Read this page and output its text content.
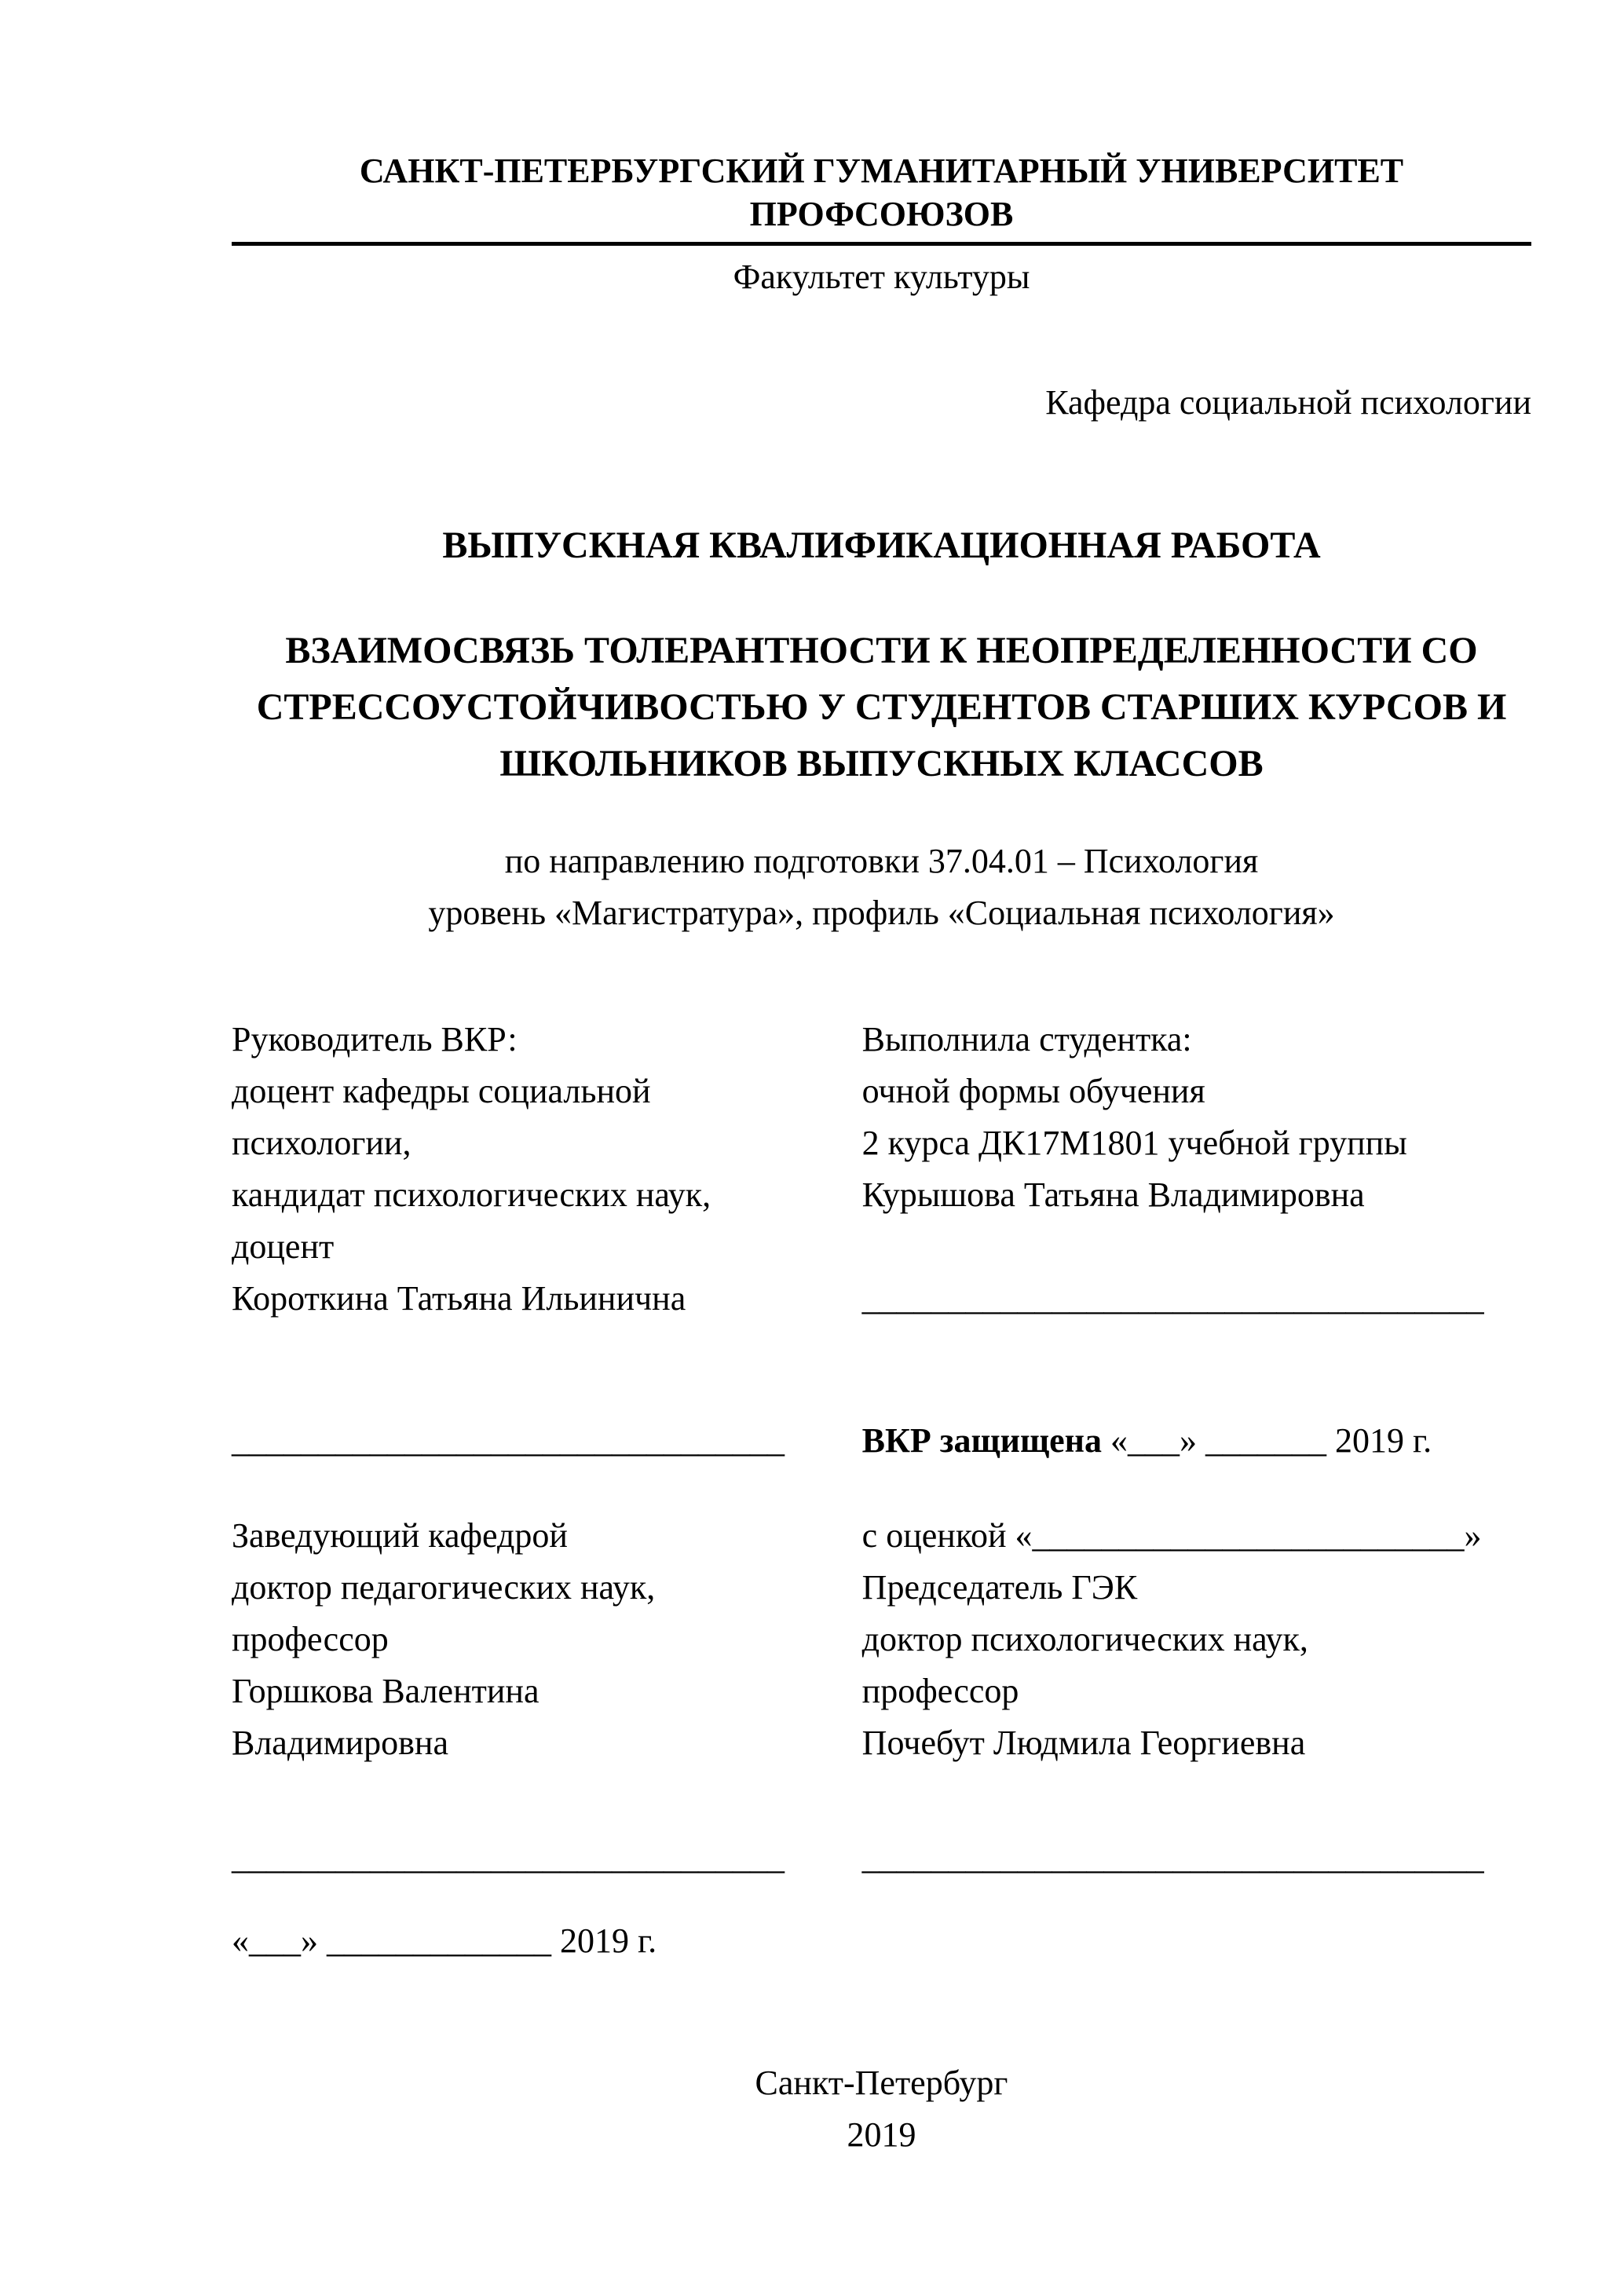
САНКТ-ПЕТЕРБУРГСКИЙ ГУМАНИТАРНЫЙ УНИВЕРСИТЕТ ПРОФСОЮЗОВ
Факультет культуры
Кафедра социальной психологии
ВЫПУСКНАЯ КВАЛИФИКАЦИОННАЯ РАБОТА
ВЗАИМОСВЯЗЬ ТОЛЕРАНТНОСТИ К НЕОПРЕДЕЛЕННОСТИ СО
СТРЕССОУСТОЙЧИВОСТЬЮ У СТУДЕНТОВ СТАРШИХ КУРСОВ И
ШКОЛЬНИКОВ ВЫПУСКНЫХ КЛАССОВ
по направлению подготовки 37.04.01 – Психология
уровень «Магистратура», профиль «Социальная психология»
Руководитель ВКР:
доцент кафедры социальной
психологии,
кандидат психологических наук,
доцент
Короткина Татьяна Ильинична
Выполнила студентка:
очной формы обучения
2 курса ДК17М1801 учебной группы
Курышова Татьяна Владимировна
____________________________________
________________________________	ВКР защищена «___» _______ 2019 г.
Заведующий кафедрой
доктор педагогических наук,
профессор
Горшкова Валентина
Владимировна
с оценкой «_________________________»
Председатель ГЭК
доктор психологических наук,
профессор
Почебут Людмила Георгиевна
________________________________	____________________________________
«___» _____________ 2019 г.
Санкт-Петербург
2019
